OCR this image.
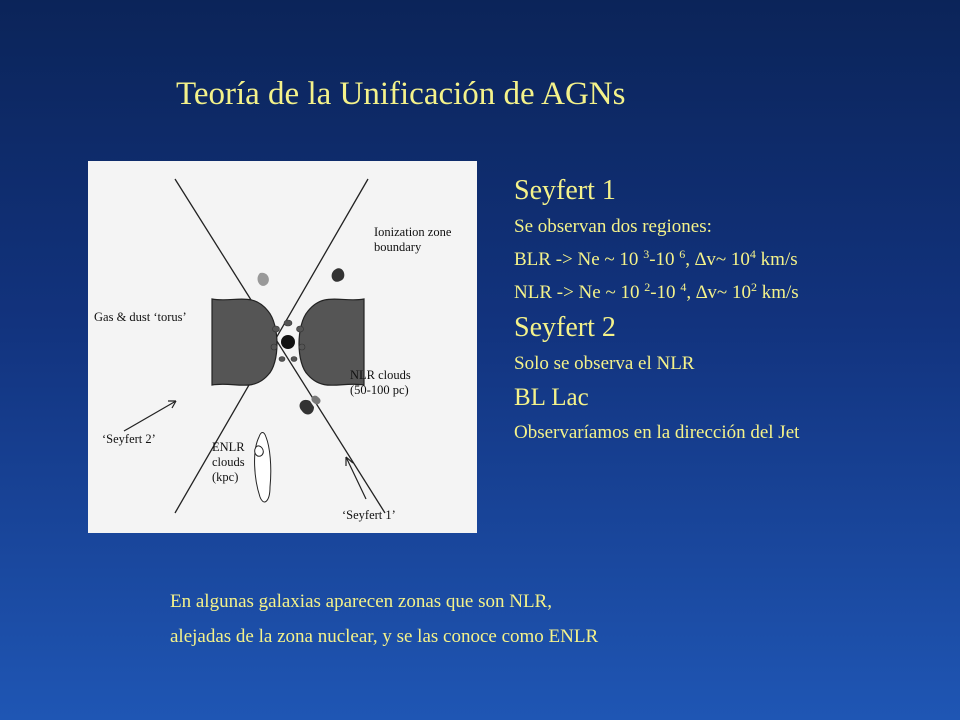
Teoría de la Unificación de AGNs
Ionization zone
boundary
Gas & dust ‘torus’
NLR clouds
(50-100 pc)
‘Seyfert 2’
ENLR
clouds
(kpc)
‘Seyfert 1’
Seyfert 1
Se observan dos regiones:
BLR -> Ne ~ 10 $^3$-10 $^6$, ∆v~ $10^4$ km/s
NLR -> Ne ~ 10 $^2$-10 $^4$, ∆v~ $10^2$ km/s
Seyfert 2
Solo se observa el NLR
BL Lac
Observaríamos en la dirección del Jet
En algunas galaxias aparecen zonas que son NLR,
alejadas de la zona nuclear, y se las conoce como ENLR
